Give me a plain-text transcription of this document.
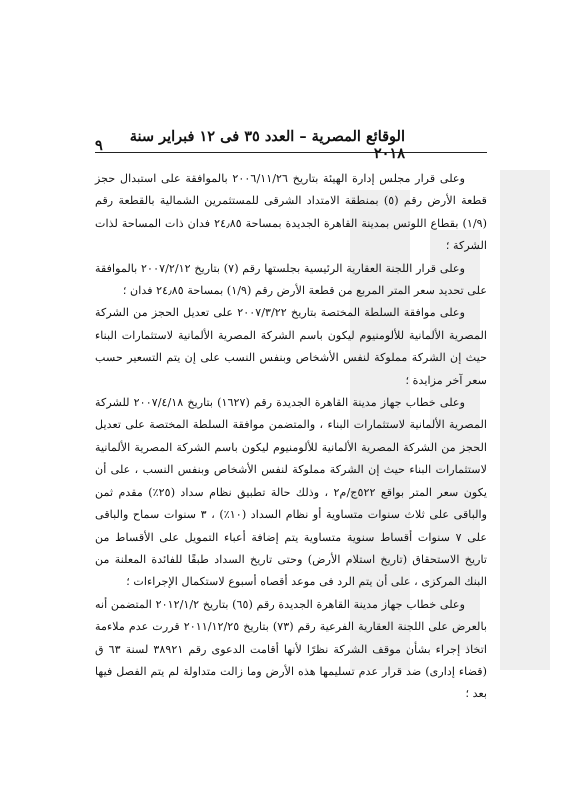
٩	الوقائع المصرية – العدد ٣٥ فى ١٢ فبراير سنة ٢٠١٨

وعلى قرار مجلس إدارة الهيئة بتاريخ ٢٠٠٦/١١/٢٦ بالموافقة على استبدال حجز قطعة الأرض رقم (٥) بمنطقة الامتداد الشرقى للمستثمرين الشمالية بالقطعة رقم (١/٩) بقطاع اللوتس بمدينة القاهرة الجديدة بمساحة ٢٤٫٨٥ فدان ذات المساحة لذات الشركة ؛

وعلى قرار اللجنة العقارية الرئيسية بجلستها رقم (٧) بتاريخ ٢٠٠٧/٢/١٢ بالموافقة على تحديد سعر المتر المربع من قطعة الأرض رقم (١/٩) بمساحة ٢٤٫٨٥ فدان ؛

وعلى موافقة السلطة المختصة بتاريخ ٢٠٠٧/٣/٢٢ على تعديل الحجز من الشركة المصرية الألمانية للألومنيوم ليكون باسم الشركة المصرية الألمانية لاستثمارات البناء حيث إن الشركة مملوكة لنفس الأشخاص وبنفس النسب على إن يتم التسعير حسب سعر آخر مزايدة ؛

وعلى خطاب جهاز مدينة القاهرة الجديدة رقم (١٦٢٧) بتاريخ ٢٠٠٧/٤/١٨ للشركة المصرية الألمانية لاستثمارات البناء ، والمتضمن موافقة السلطة المختصة على تعديل الحجز من الشركة المصرية الألمانية للألومنيوم ليكون باسم الشركة المصرية الألمانية لاستثمارات البناء حيث إن الشركة مملوكة لنفس الأشخاص وبنفس النسب ، على أن يكون سعر المتر بواقع ٥٢٢ج/م٢ ، وذلك حالة تطبيق نظام سداد (٢٥٪) مقدم ثمن والباقى على ثلاث سنوات متساوية أو نظام السداد (١٠٪) ، ٣ سنوات سماح والباقى على ٧ سنوات أقساط سنوية متساوية يتم إضافة أعباء التمويل على الأقساط من تاريخ الاستحقاق (تاريخ استلام الأرض) وحتى تاريخ السداد طبقًا للفائدة المعلنة من البنك المركزى ، على أن يتم الرد فى موعد أقصاه أسبوع لاستكمال الإجراءات ؛

وعلى خطاب جهاز مدينة القاهرة الجديدة رقم (٦٥) بتاريخ ٢٠١٢/١/٢ المتضمن أنه بالعرض على اللجنة العقارية الفرعية رقم (٧٣) بتاريخ ٢٠١١/١٢/٢٥ قررت عدم ملاءمة اتخاذ إجراء بشأن موقف الشركة نظرًا لأنها أقامت الدعوى رقم ٣٨٩٢١ لسنة ٦٣ ق (قضاء إدارى) ضد قرار عدم تسليمها هذه الأرض وما زالت متداولة لم يتم الفصل فيها بعد ؛
